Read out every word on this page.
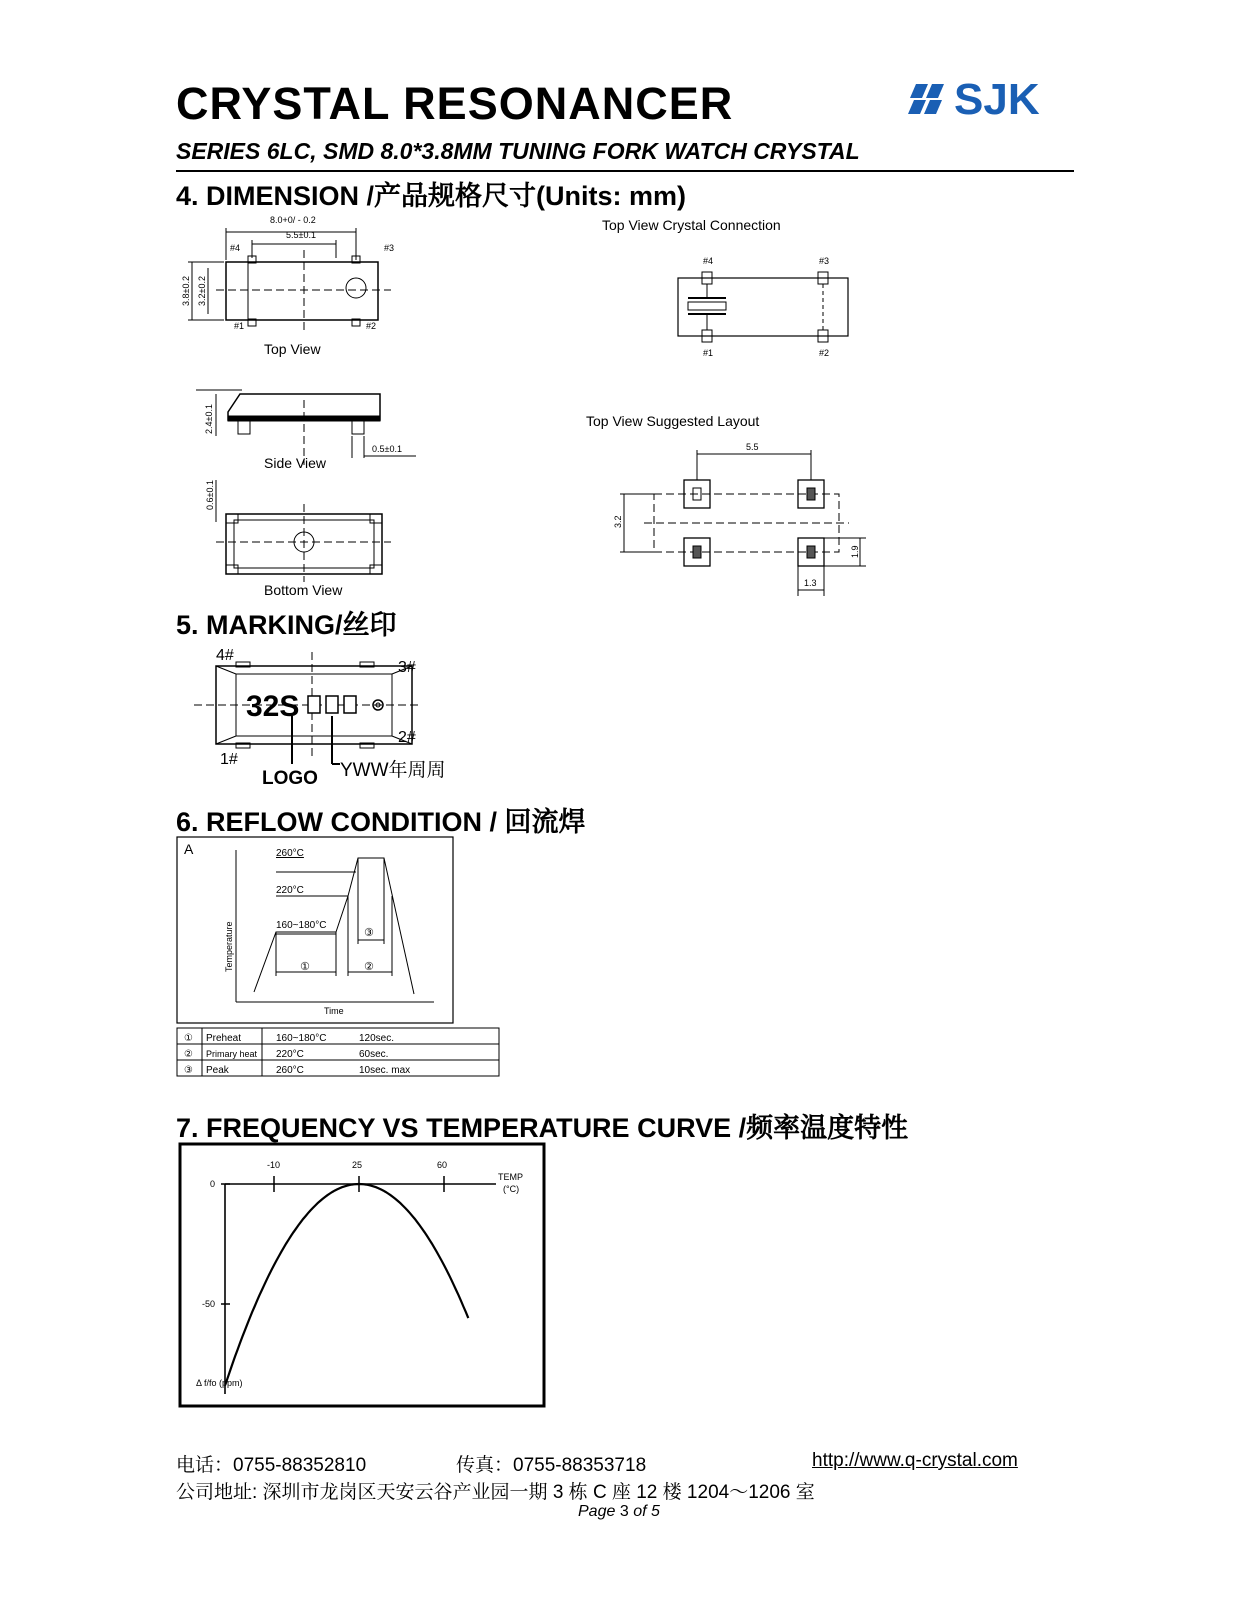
CRYSTAL RESONANCER	SJK
SERIES 6LC, SMD 8.0*3.8MM TUNING FORK WATCH CRYSTAL
4. DIMENSION /产品规格尺寸(Units: mm)
8.0+0/ - 0.2
5.5±0.1
#4	#3
#1	#2
3.8±0.2 3.2±0.2
Top View
2.4±0.1
0.5±0.1
Side View
0.6±0.1
Bottom View
Top View Crystal Connection
#4	#3
#1	#2
Top View Suggested Layout
5.5
3.2
1.9
1.3
5. MARKING/丝印
32S
4#
3#
2#
1#
LOGO YWW年周周
6. REFLOW CONDITION / 回流焊
A	260°C
220°C
160~180°C
③
①	②
Temperature
Time
① Preheat	160~180°C	120sec.
② Primary heat 220°C	60sec.
③ Peak	260°C	10sec. max
7. FREQUENCY VS TEMPERATURE CURVE /频率温度特性
-10	25	60
0
-50
TEMP
(°C)
Δ f/fo (ppm)
电话：0755-88352810	传真：0755-88353718	http://www.q-crystal.com
公司地址: 深圳市龙岗区天安云谷产业园一期 3 栋 C 座 12 楼 1204～1206 室
Page 3 of 5
